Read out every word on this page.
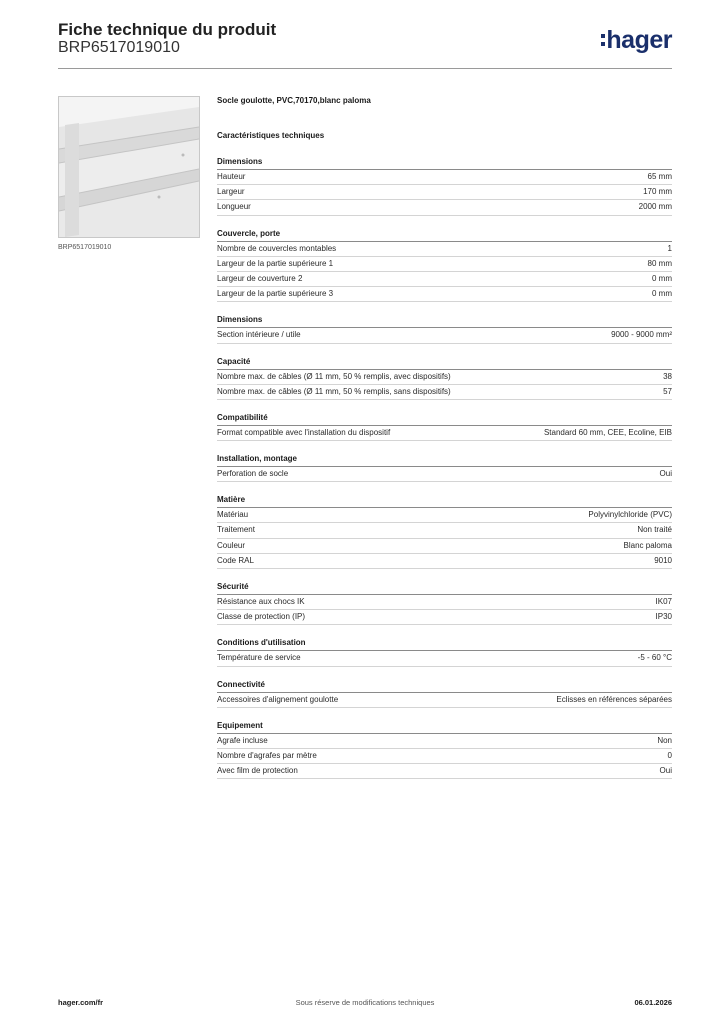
Fiche technique du produit
BRP6517019010	hager
BRP6517019010
Socle goulotte, PVC,70170,blanc paloma
Caractéristiques techniques
Dimensions
Hauteur	65 mm
Largeur	170 mm
Longueur	2000 mm
Couvercle, porte
Nombre de couvercles montables	1
Largeur de la partie supérieure 1	80 mm
Largeur de couverture 2	0 mm
Largeur de la partie supérieure 3	0 mm
Dimensions
Section intérieure / utile	9000 - 9000 mm²
Capacité
Nombre max. de câbles (Ø 11 mm, 50 % remplis, avec dispositifs)	38
Nombre max. de câbles (Ø 11 mm, 50 % remplis, sans dispositifs)	57
Compatibilité
Format compatible avec l'installation du dispositif	Standard 60 mm, CEE, Ecoline, EIB
Installation, montage
Perforation de socle	Oui
Matière
Matériau	Polyvinylchloride (PVC)
Traitement	Non traité
Couleur	Blanc paloma
Code RAL	9010
Sécurité
Résistance aux chocs IK	IK07
Classe de protection (IP)	IP30
Conditions d'utilisation
Température de service	-5 - 60 °C
Connectivité
Accessoires d'alignement goulotte	Eclisses en références séparées
Equipement
Agrafe incluse	Non
Nombre d'agrafes par mètre	0
Avec film de protection	Oui
hager.com/fr	Sous réserve de modifications techniques	06.01.2026
